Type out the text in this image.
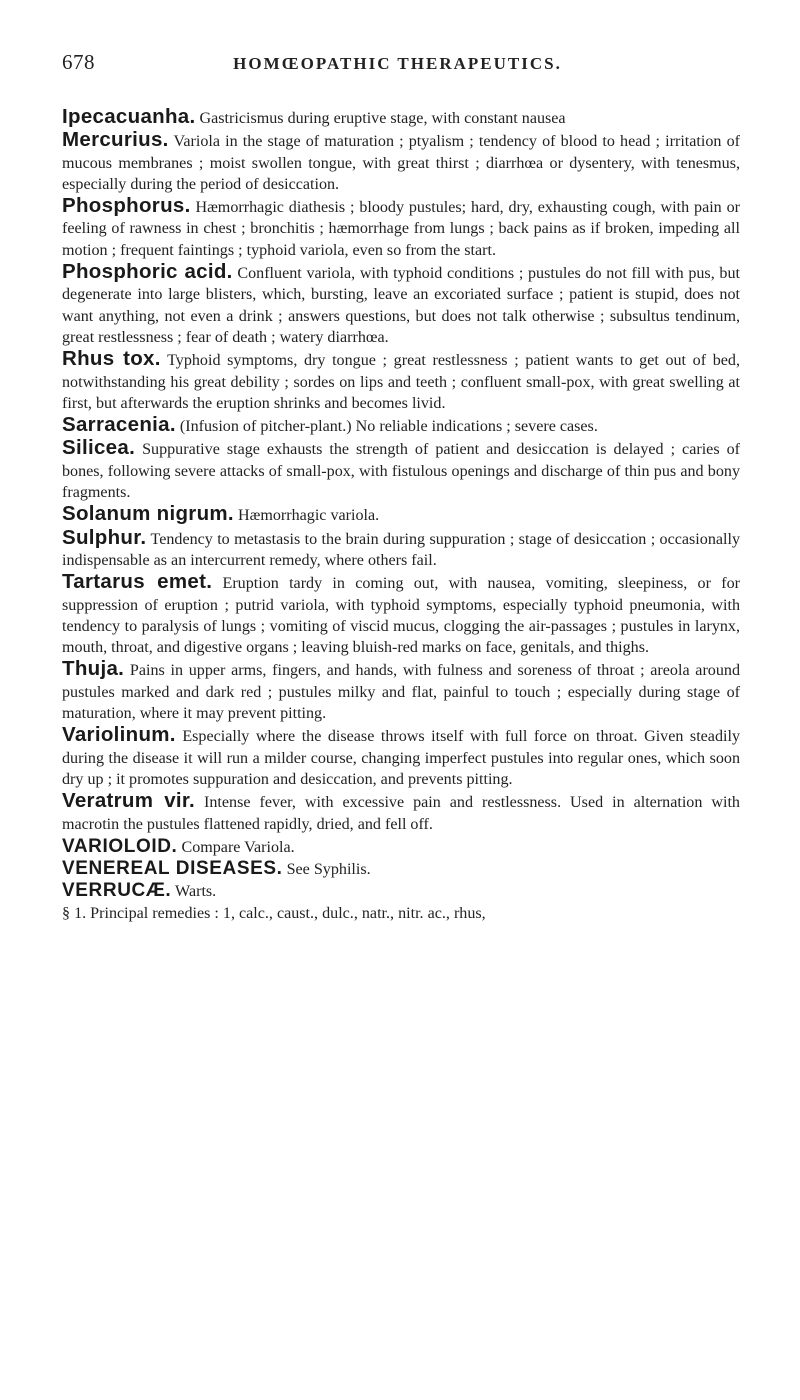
678	HOMŒOPATHIC THERAPEUTICS.

Ipecacuanha. Gastricismus during eruptive stage, with constant nausea

Mercurius. Variola in the stage of maturation ; ptyalism ; tendency of blood to head ; irritation of mucous membranes ; moist swollen tongue, with great thirst ; diarrhœa or dysentery, with tenesmus, especially during the period of desiccation.

Phosphorus. Hæmorrhagic diathesis ; bloody pustules; hard, dry, exhausting cough, with pain or feeling of rawness in chest ; bronchitis ; hæmorrhage from lungs ; back pains as if broken, impeding all motion ; frequent faintings ; typhoid variola, even so from the start.

Phosphoric acid. Confluent variola, with typhoid conditions ; pustules do not fill with pus, but degenerate into large blisters, which, bursting, leave an excoriated surface ; patient is stupid, does not want anything, not even a drink ; answers questions, but does not talk otherwise ; subsultus tendinum, great restlessness ; fear of death ; watery diarrhœa.

Rhus tox. Typhoid symptoms, dry tongue ; great restlessness ; patient wants to get out of bed, notwithstanding his great debility ; sordes on lips and teeth ; confluent small-pox, with great swelling at first, but afterwards the eruption shrinks and becomes livid.

Sarracenia. (Infusion of pitcher-plant.) No reliable indications ; severe cases.

Silicea. Suppurative stage exhausts the strength of patient and desiccation is delayed ; caries of bones, following severe attacks of small-pox, with fistulous openings and discharge of thin pus and bony fragments.

Solanum nigrum. Hæmorrhagic variola.

Sulphur. Tendency to metastasis to the brain during suppuration ; stage of desiccation ; occasionally indispensable as an intercurrent remedy, where others fail.

Tartarus emet. Eruption tardy in coming out, with nausea, vomiting, sleepiness, or for suppression of eruption ; putrid variola, with typhoid symptoms, especially typhoid pneumonia, with tendency to paralysis of lungs ; vomiting of viscid mucus, clogging the air-passages ; pustules in larynx, mouth, throat, and digestive organs ; leaving bluish-red marks on face, genitals, and thighs.

Thuja. Pains in upper arms, fingers, and hands, with fulness and soreness of throat ; areola around pustules marked and dark red ; pustules milky and flat, painful to touch ; especially during stage of maturation, where it may prevent pitting.

Variolinum. Especially where the disease throws itself with full force on throat. Given steadily during the disease it will run a milder course, changing imperfect pustules into regular ones, which soon dry up ; it promotes suppuration and desiccation, and prevents pitting.

Veratrum vir. Intense fever, with excessive pain and restlessness. Used in alternation with macrotin the pustules flattened rapidly, dried, and fell off.

VARIOLOID. Compare Variola.

VENEREAL DISEASES. See Syphilis.

VERRUCÆ. Warts.

§ 1. Principal remedies : 1, calc., caust., dulc., natr., nitr. ac., rhus,
